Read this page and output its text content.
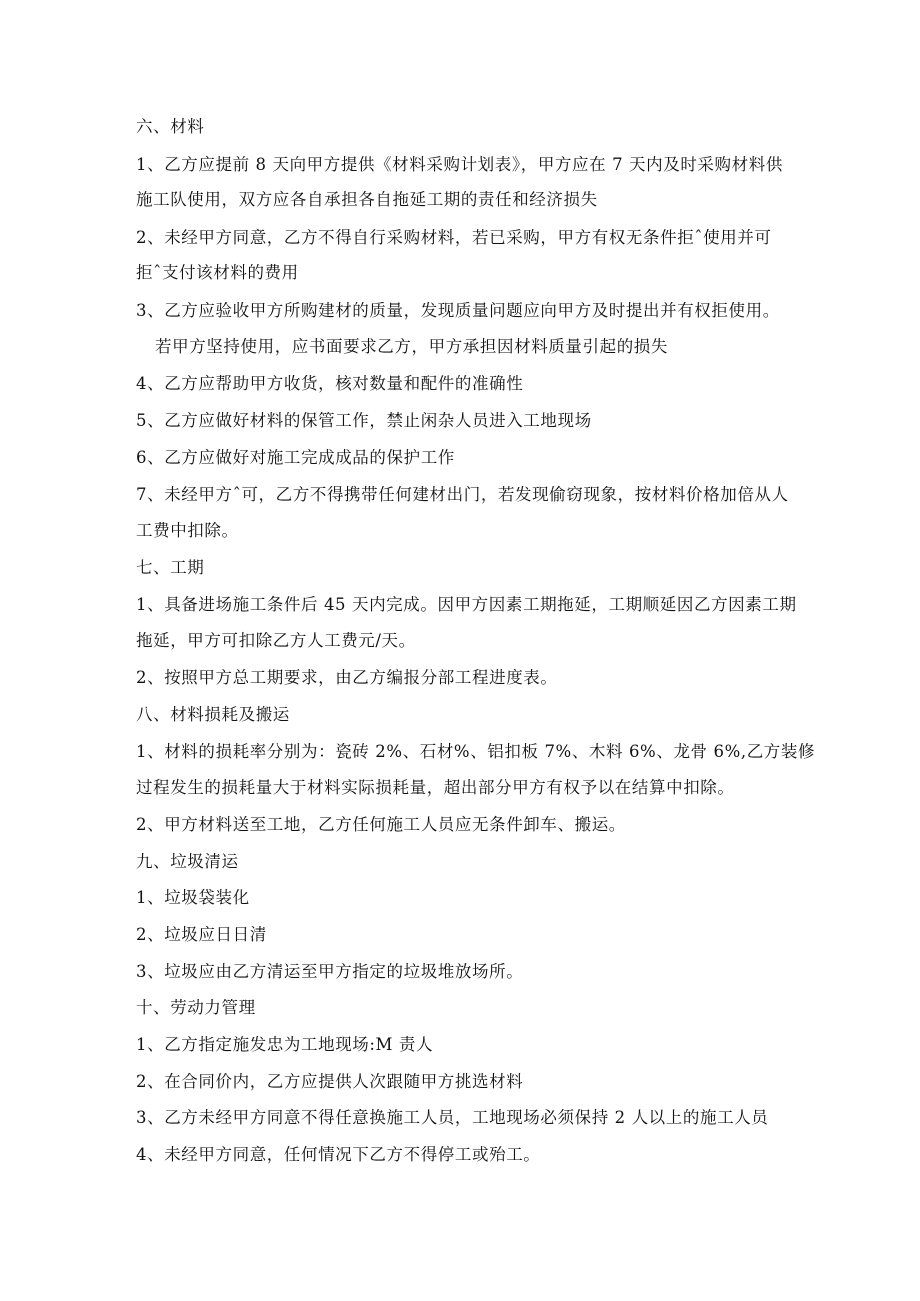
六、材料
1、乙方应提前 8 天向甲方提供《材料采购计划表》，甲方应在 7 天内及时采购材料供
施工队使用，双方应各自承担各自拖延工期的责任和经济损失
2、未经甲方同意，乙方不得自行采购材料，若已采购，甲方有权无条件拒ˆ使用并可
拒ˆ支付该材料的费用
3、乙方应验收甲方所购建材的质量，发现质量问题应向甲方及时提出并有权拒使用。
若甲方坚持使用，应书面要求乙方，甲方承担因材料质量引起的损失
4、乙方应帮助甲方收货，核对数量和配件的准确性
5、乙方应做好材料的保管工作，禁止闲杂人员进入工地现场
6、乙方应做好对施工完成成品的保护工作
7、未经甲方ˆ可，乙方不得携带任何建材出门，若发现偷窃现象，按材料价格加倍从人
工费中扣除。
七、工期
1、具备进场施工条件后 45 天内完成。因甲方因素工期拖延，工期顺延因乙方因素工期
拖延，甲方可扣除乙方人工费元/天。
2、按照甲方总工期要求，由乙方编报分部工程进度表。
八、材料损耗及搬运
1、材料的损耗率分别为：瓷砖 2%、石材%、铝扣板 7%、木料 6%、龙骨 6%,乙方装修
过程发生的损耗量大于材料实际损耗量，超出部分甲方有权予以在结算中扣除。
2、甲方材料送至工地，乙方任何施工人员应无条件卸车、搬运。
九、垃圾清运
1、垃圾袋装化
2、垃圾应日日清
3、垃圾应由乙方清运至甲方指定的垃圾堆放场所。
十、劳动力管理
1、乙方指定施发忠为工地现场:M 责人
2、在合同价内，乙方应提供人次跟随甲方挑选材料
3、乙方未经甲方同意不得任意换施工人员，工地现场必须保持 2 人以上的施工人员
4、未经甲方同意，任何情况下乙方不得停工或殆工。
